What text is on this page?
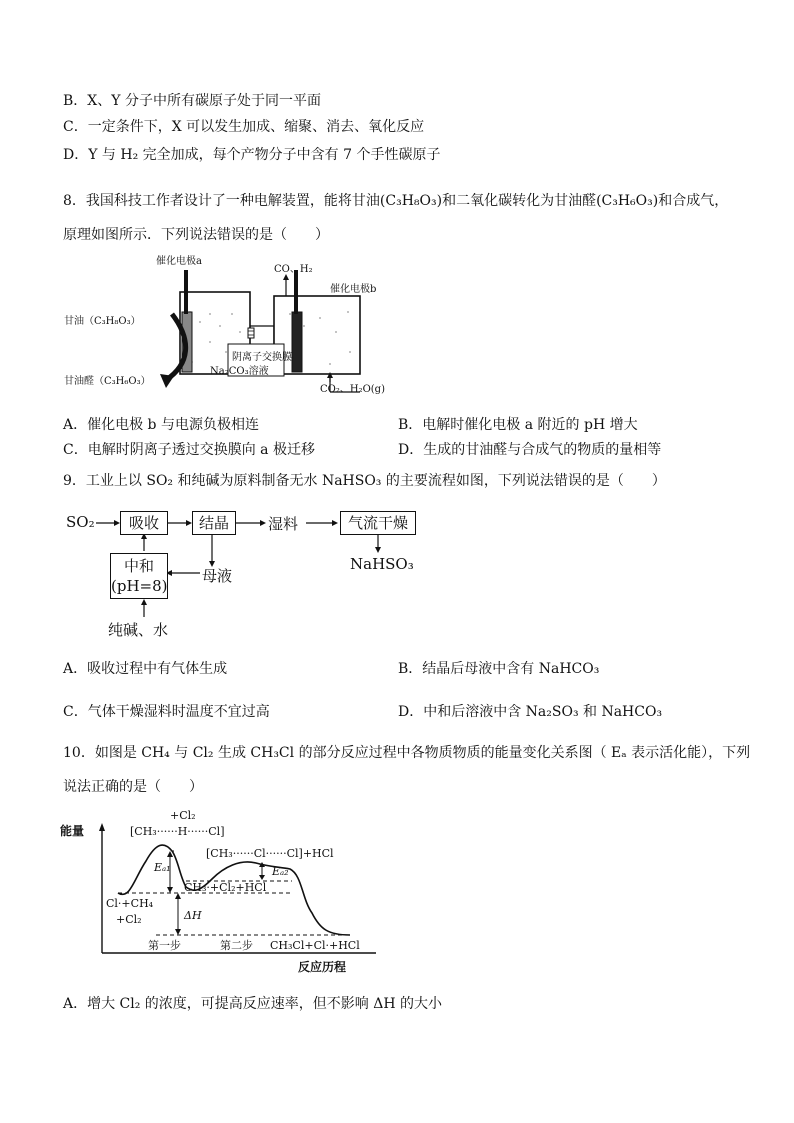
B．X、Y 分子中所有碳原子处于同一平面
C．一定条件下，X 可以发生加成、缩聚、消去、氧化反应
D．Y 与 H₂ 完全加成，每个产物分子中含有 7 个手性碳原子
8．我国科技工作者设计了一种电解装置，能将甘油(C₃H₈O₃)和二氧化碳转化为甘油醛(C₃H₆O₃)和合成气，
原理如图所示．下列说法错误的是（　　）
催化电极a
甘油（C₃H₈O₃）
甘油醛（C₃H₆O₃）
CO、H₂
催化电极b
阴离子交换膜
Na₂CO₃溶液
CO₂、H₂O(g)
A．催化电极 b 与电源负极相连	B．电解时催化电极 a 附近的 pH 增大
C．电解时阴离子透过交换膜向 a 极迁移	D．生成的甘油醛与合成气的物质的量相等
9．工业上以 SO₂ 和纯碱为原料制备无水 NaHSO₃ 的主要流程如图，下列说法错误的是（　　）
SO₂	吸收	结晶	湿料	气流干燥
NaHSO₃
母液
中和
(pH=8)
纯碱、水
A．吸收过程中有气体生成	B．结晶后母液中含有 NaHCO₃
C．气体干燥湿料时温度不宜过高	D．中和后溶液中含 Na₂SO₃ 和 NaHCO₃
10．如图是 CH₄ 与 Cl₂ 生成 CH₃Cl 的部分反应过程中各物质物质的能量变化关系图（ Eₐ 表示活化能），下列
说法正确的是（　　）
能量
反应历程
+Cl₂
[CH₃······H······Cl]
[CH₃······Cl······Cl]+HCl
Eₐ₁	Eₐ₂
CH₃·+Cl₂+HCl
Cl·+CH₄
+Cl₂	ΔH
第一步	第二步 CH₃Cl+Cl·+HCl
A．增大 Cl₂ 的浓度，可提高反应速率，但不影响 ΔH 的大小
